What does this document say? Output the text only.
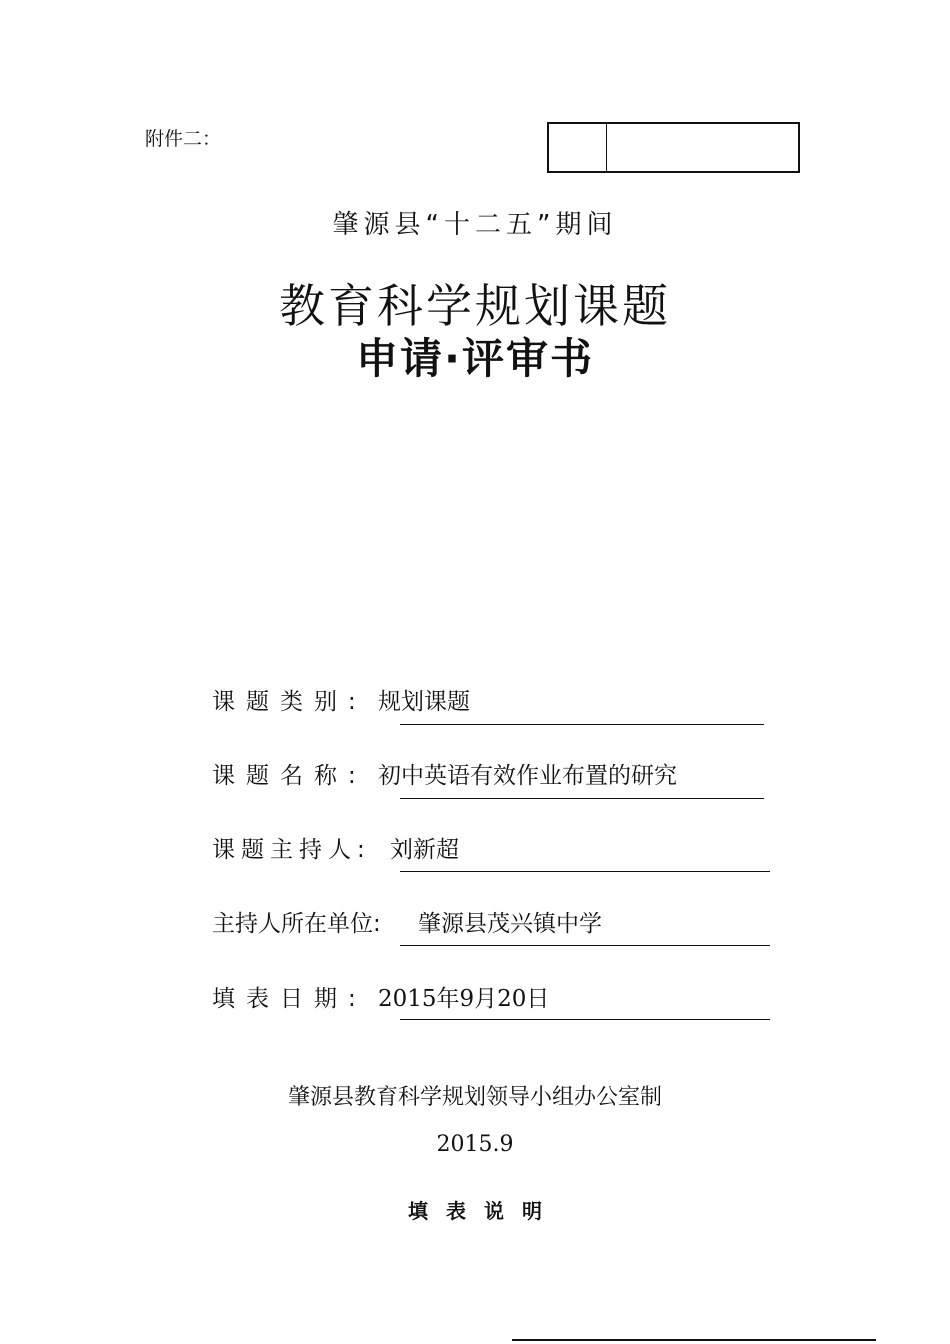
附件二：
肇源县“十二五”期间
教育科学规划课题
申请·评审书
课题类别: 规划课题
课题名称: 初中英语有效作业布置的研究
课题主持人: 刘新超
主持人所在单位: 肇源县茂兴镇中学
填表日期: 2015年9月20日
肇源县教育科学规划领导小组办公室制
2015.9
填表说明
